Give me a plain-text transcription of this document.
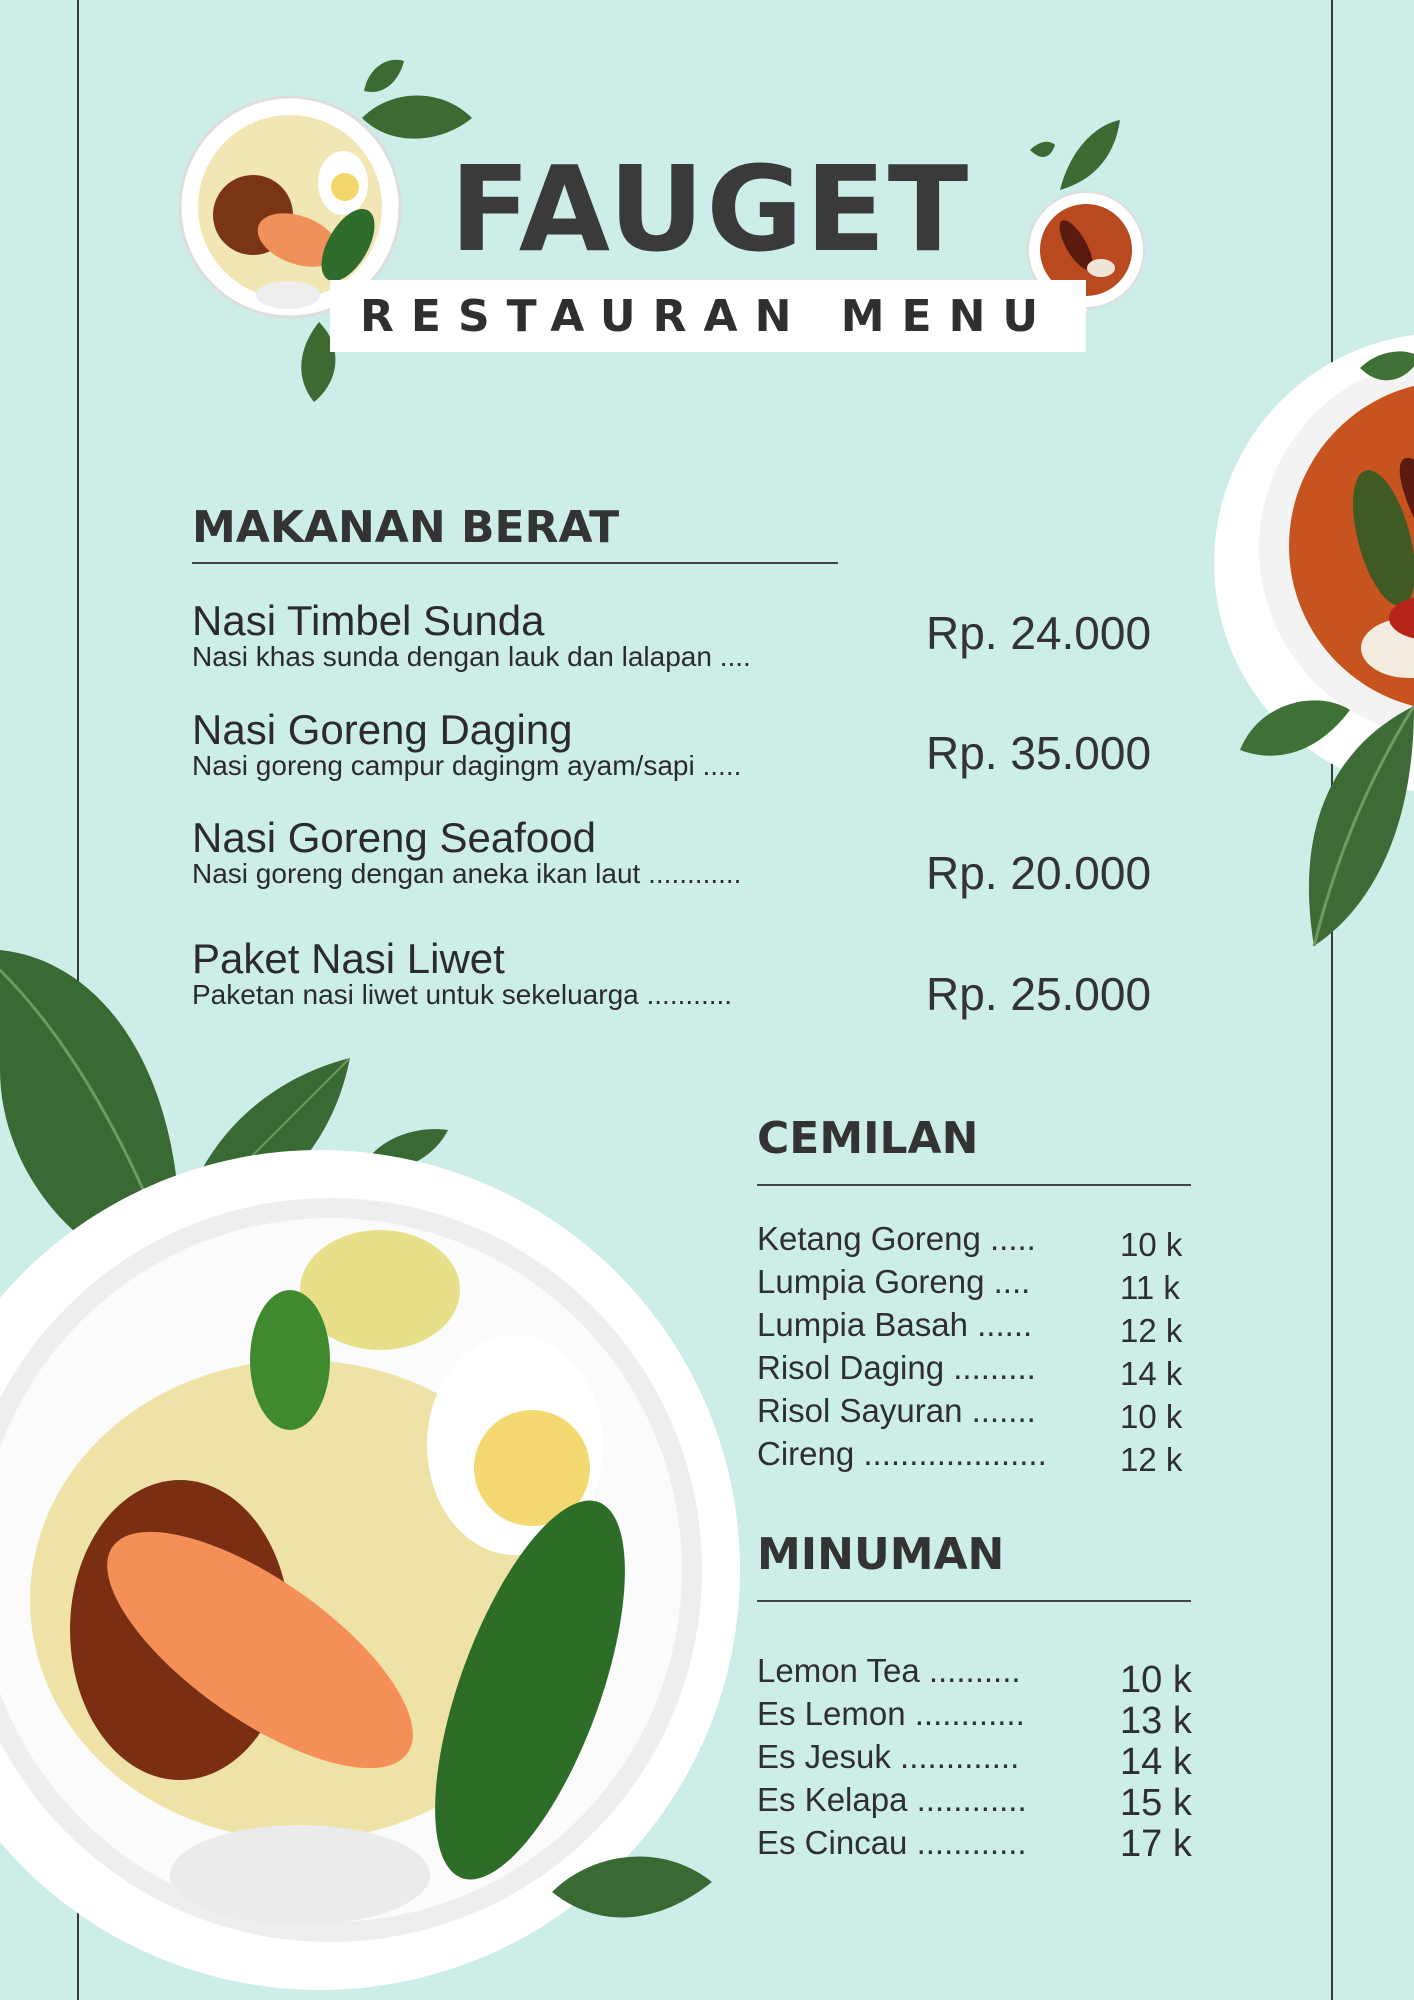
FAUGET
RESTAURAN MENU
MAKANAN BERAT
Nasi Timbel Sunda
Nasi khas sunda dengan lauk dan lalapan ....	Rp. 24.000
Nasi Goreng Daging
Nasi goreng campur dagingm ayam/sapi .....	Rp. 35.000
Nasi Goreng Seafood
Nasi goreng dengan aneka ikan laut ............	Rp. 20.000
Paket Nasi Liwet
Paketan nasi liwet untuk sekeluarga ...........	Rp. 25.000
CEMILAN
Ketang Goreng .....	10 k
Lumpia Goreng ....	11 k
Lumpia Basah ......	12 k
Risol Daging .........	14 k
Risol Sayuran .......	10 k
Cireng .................... 12 k
MINUMAN
Lemon Tea ..........	10 k
Es Lemon ............	13 k
Es Jesuk .............	14 k
Es Kelapa ............ 15 k
Es Cincau ............ 17 k
